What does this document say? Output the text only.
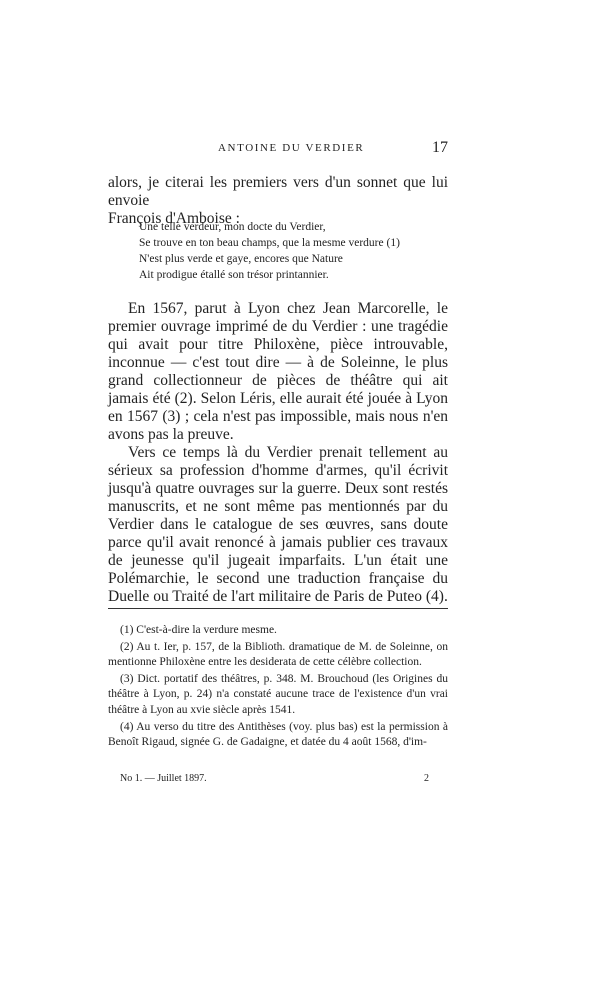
ANTOINE DU VERDIER	17
alors, je citerai les premiers vers d'un sonnet que lui envoie
François d'Amboise :
Une telle verdeur, mon docte du Verdier,
Se trouve en ton beau champs, que la mesme verdure (1)
N'est plus verde et gaye, encores que Nature
Ait prodigue étallé son trésor printannier.

En 1567, parut à Lyon chez Jean Marcorelle, le premier ouvrage imprimé de du Verdier : une tragédie qui avait pour titre Philoxène, pièce introuvable, inconnue — c'est tout dire — à de Soleinne, le plus grand collectionneur de pièces de théâtre qui ait jamais été (2). Selon Léris, elle aurait été jouée à Lyon en 1567 (3) ; cela n'est pas impossible, mais nous n'en avons pas la preuve.

Vers ce temps là du Verdier prenait tellement au sérieux sa profession d'homme d'armes, qu'il écrivit jusqu'à quatre ouvrages sur la guerre. Deux sont restés manuscrits, et ne sont même pas mentionnés par du Verdier dans le catalogue de ses œuvres, sans doute parce qu'il avait renoncé à jamais publier ces travaux de jeunesse qu'il jugeait imparfaits. L'un était une Polémarchie, le second une traduction française du Duelle ou Traité de l'art militaire de Paris de Puteo (4).

(1) C'est-à-dire la verdure mesme.

(2) Au t. Ier, p. 157, de la Biblioth. dramatique de M. de Soleinne, on mentionne Philoxène entre les desiderata de cette célèbre collection.

(3) Dict. portatif des théâtres, p. 348. M. Brouchoud (les Origines du théâtre à Lyon, p. 24) n'a constaté aucune trace de l'existence d'un vrai théâtre à Lyon au xvie siècle après 1541.

(4) Au verso du titre des Antithèses (voy. plus bas) est la permission à Benoît Rigaud, signée G. de Gadaigne, et datée du 4 août 1568, d'im-

No 1. — Juillet 1897.	2
